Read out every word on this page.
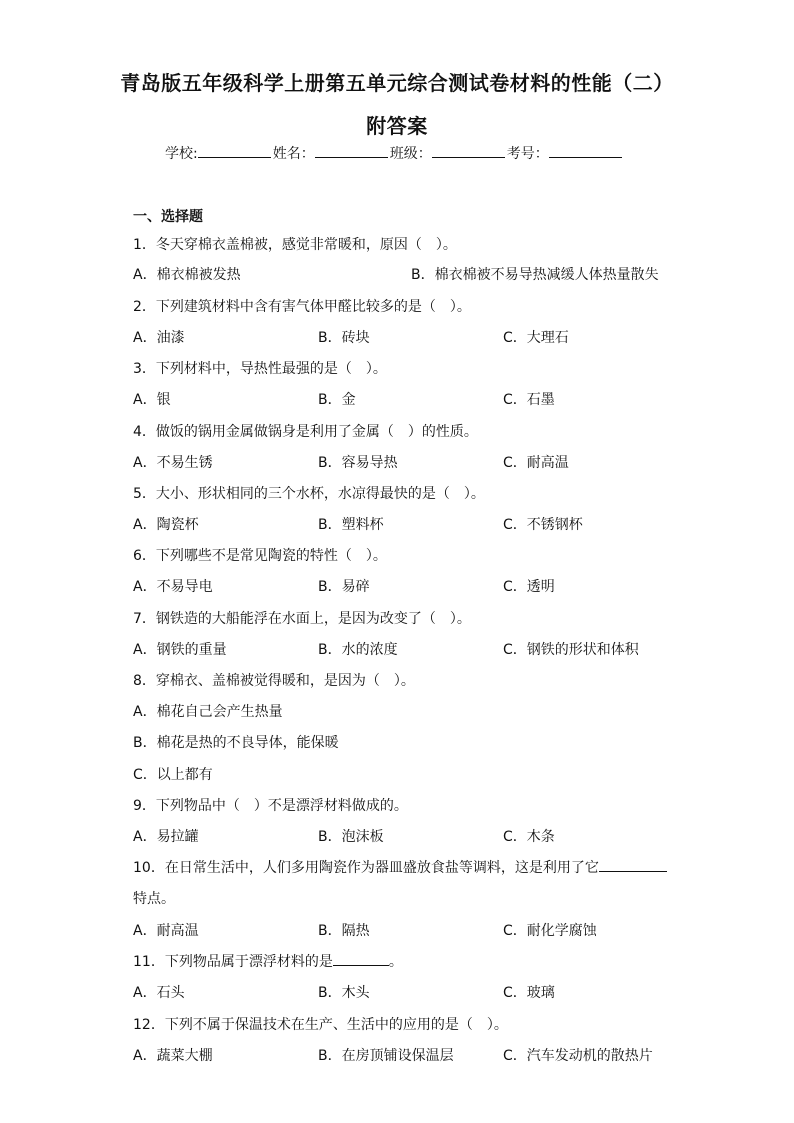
青岛版五年级科学上册第五单元综合测试卷材料的性能（二）
附答案
学校:	姓名：	班级：	考号：
一、选择题
1．冬天穿棉衣盖棉被，感觉非常暖和，原因（　）。
A．棉衣棉被发热	B．棉衣棉被不易导热减缓人体热量散失
2．下列建筑材料中含有害气体甲醛比较多的是（　）。
A．油漆	B．砖块	C．大理石
3．下列材料中，导热性最强的是（　）。
A．银	B．金	C．石墨
4．做饭的锅用金属做锅身是利用了金属（　）的性质。
A．不易生锈	B．容易导热	C．耐高温
5．大小、形状相同的三个水杯，水凉得最快的是（　）。
A．陶瓷杯	B．塑料杯	C．不锈钢杯
6．下列哪些不是常见陶瓷的特性（　）。
A．不易导电	B．易碎	C．透明
7．钢铁造的大船能浮在水面上，是因为改变了（　）。
A．钢铁的重量	B．水的浓度	C．钢铁的形状和体积
8．穿棉衣、盖棉被觉得暖和，是因为（　）。
A．棉花自己会产生热量
B．棉花是热的不良导体，能保暖
C．以上都有
9．下列物品中（　）不是漂浮材料做成的。
A．易拉罐	B．泡沫板	C．木条
10．在日常生活中，人们多用陶瓷作为器皿盛放食盐等调料，这是利用了它
特点。
A．耐高温	B．隔热	C．耐化学腐蚀
11．下列物品属于漂浮材料的是	。
A．石头	B．木头	C．玻璃
12．下列不属于保温技术在生产、生活中的应用的是（　）。
A．蔬菜大棚	B．在房顶铺设保温层	C．汽车发动机的散热片
